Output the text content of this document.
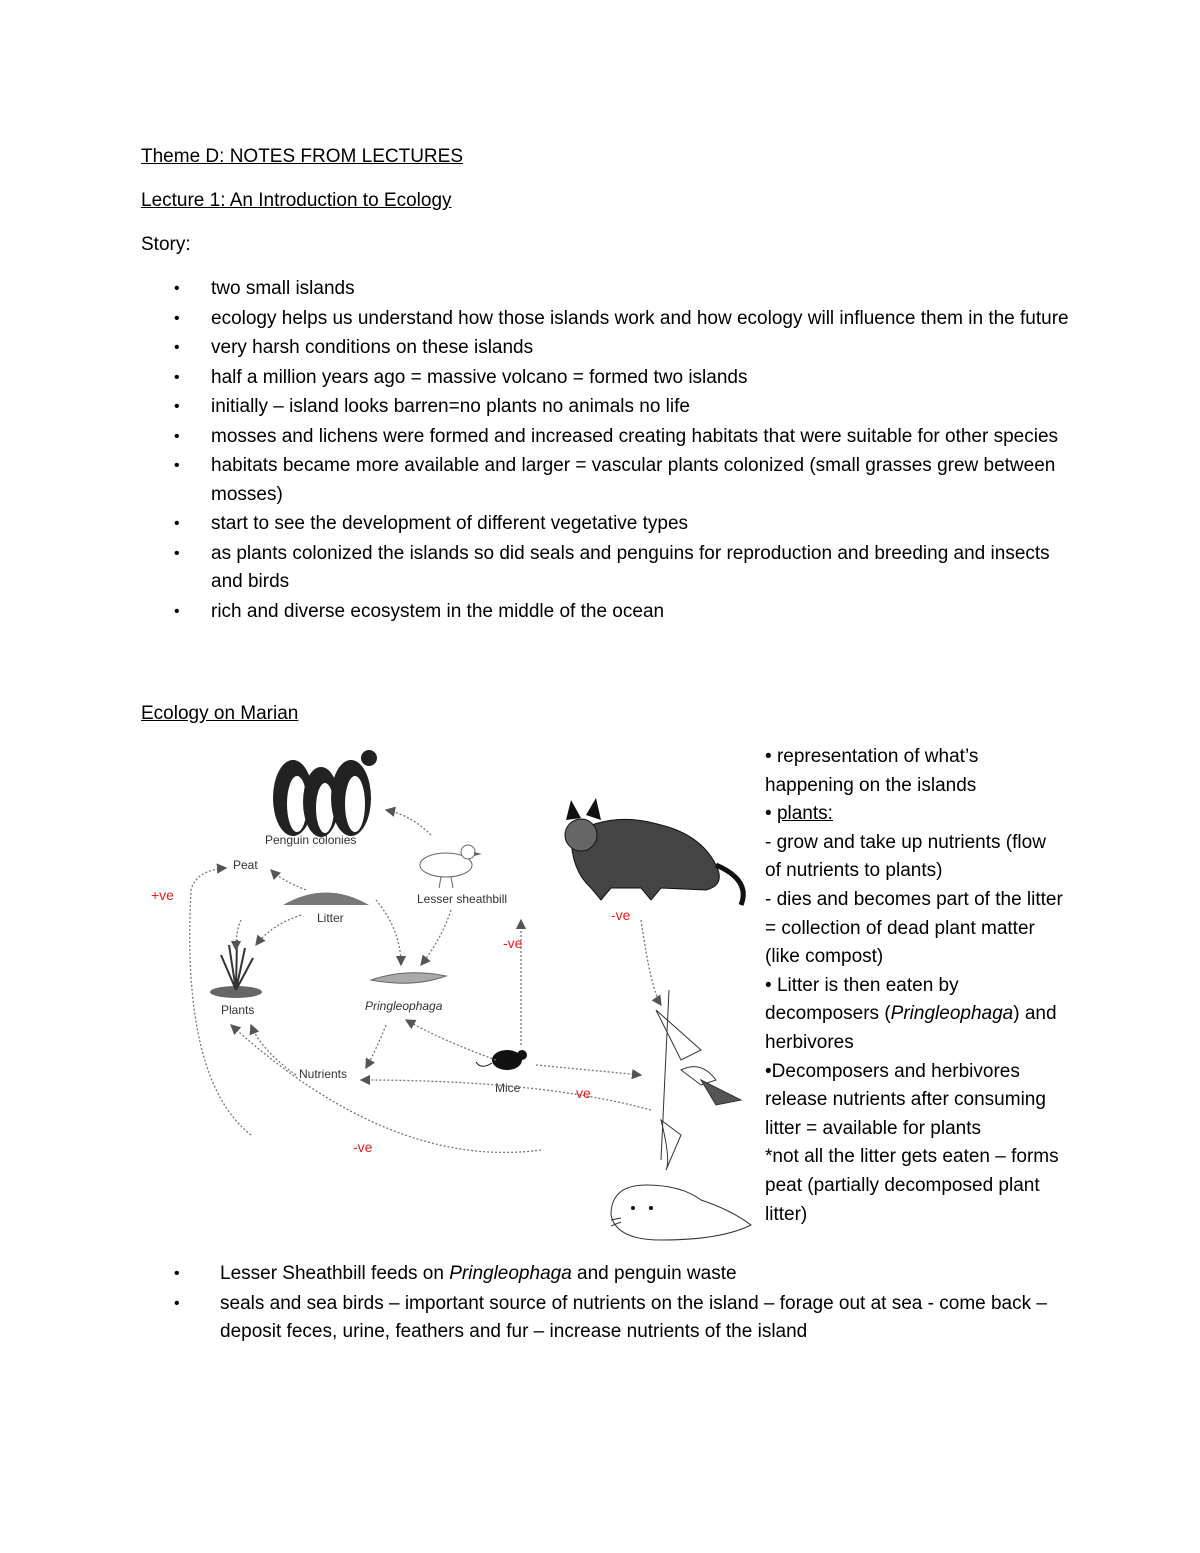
Theme D: NOTES FROM LECTURES
Lecture 1: An Introduction to Ecology
Story:
• two small islands
• ecology helps us understand how those islands work and how ecology will influence them in the future
• very harsh conditions on these islands
• half a million years ago = massive volcano = formed two islands
• initially – island looks barren=no plants no animals no life
• mosses and lichens were formed and increased creating habitats that were suitable for other species
• habitats became more available and larger = vascular plants colonized (small grasses grew between mosses)
• start to see the development of different vegetative types
• as plants colonized the islands so did seals and penguins for reproduction and breeding and insects and birds
• rich and diverse ecosystem in the middle of the ocean
Ecology on Marian
Penguin colonies
Peat
Litter
Lesser sheathbill
Plants	Pringleophaga
Nutrients
Mice
+ve
-ve
-ve
ve
-ve

• representation of what’s happening on the islands

• plants:

- grow and take up nutrients (flow of nutrients to plants)

- dies and becomes part of the litter = collection of dead plant matter (like compost)

• Litter is then eaten by decomposers (Pringleophaga) and herbivores

•Decomposers and herbivores release nutrients after consuming litter = available for plants

*not all the litter gets eaten – forms peat (partially decomposed plant litter)

• Lesser Sheathbill feeds on Pringleophaga and penguin waste
• seals and sea birds – important source of nutrients on the island – forage out at sea - come back – deposit feces, urine, feathers and fur – increase nutrients of the island
